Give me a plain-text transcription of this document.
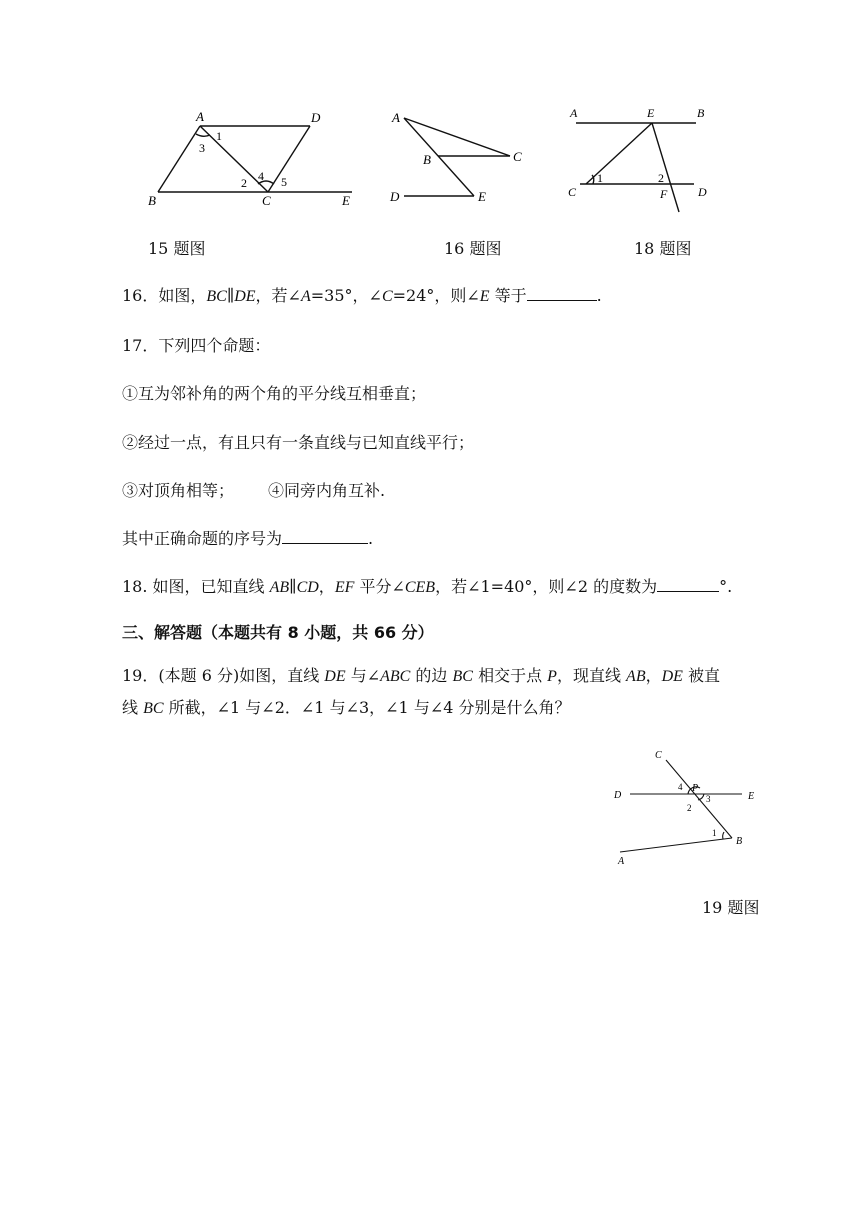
A	D
B	C	E
1
3
2 4 5
A
B	C
D	E
A	E	B
C	F	D
1	2
15 题图	16 题图	18 题图
16．如图，BC∥DE，若∠A=35°，∠C=24°，则∠E 等于	.
17．下列四个命题：
①互为邻补角的两个角的平分线互相垂直；
②经过一点，有且只有一条直线与已知直线平行；
③对顶角相等； ④同旁内角互补.
其中正确命题的序号为	.
18. 如图，已知直线 AB∥CD，EF 平分∠CEB，若∠1=40°，则∠2 的度数为	°.
三、解答题（本题共有 8 小题，共 66 分）
19．(本题 6 分)如图，直线 DE 与∠ABC 的边 BC 相交于点 P，现直线 AB，DE 被直
线 BC 所截，∠1 与∠2．∠1 与∠3，∠1 与∠4 分别是什么角？
C
D	E
P
B
A
4
3
2
1
19 题图
